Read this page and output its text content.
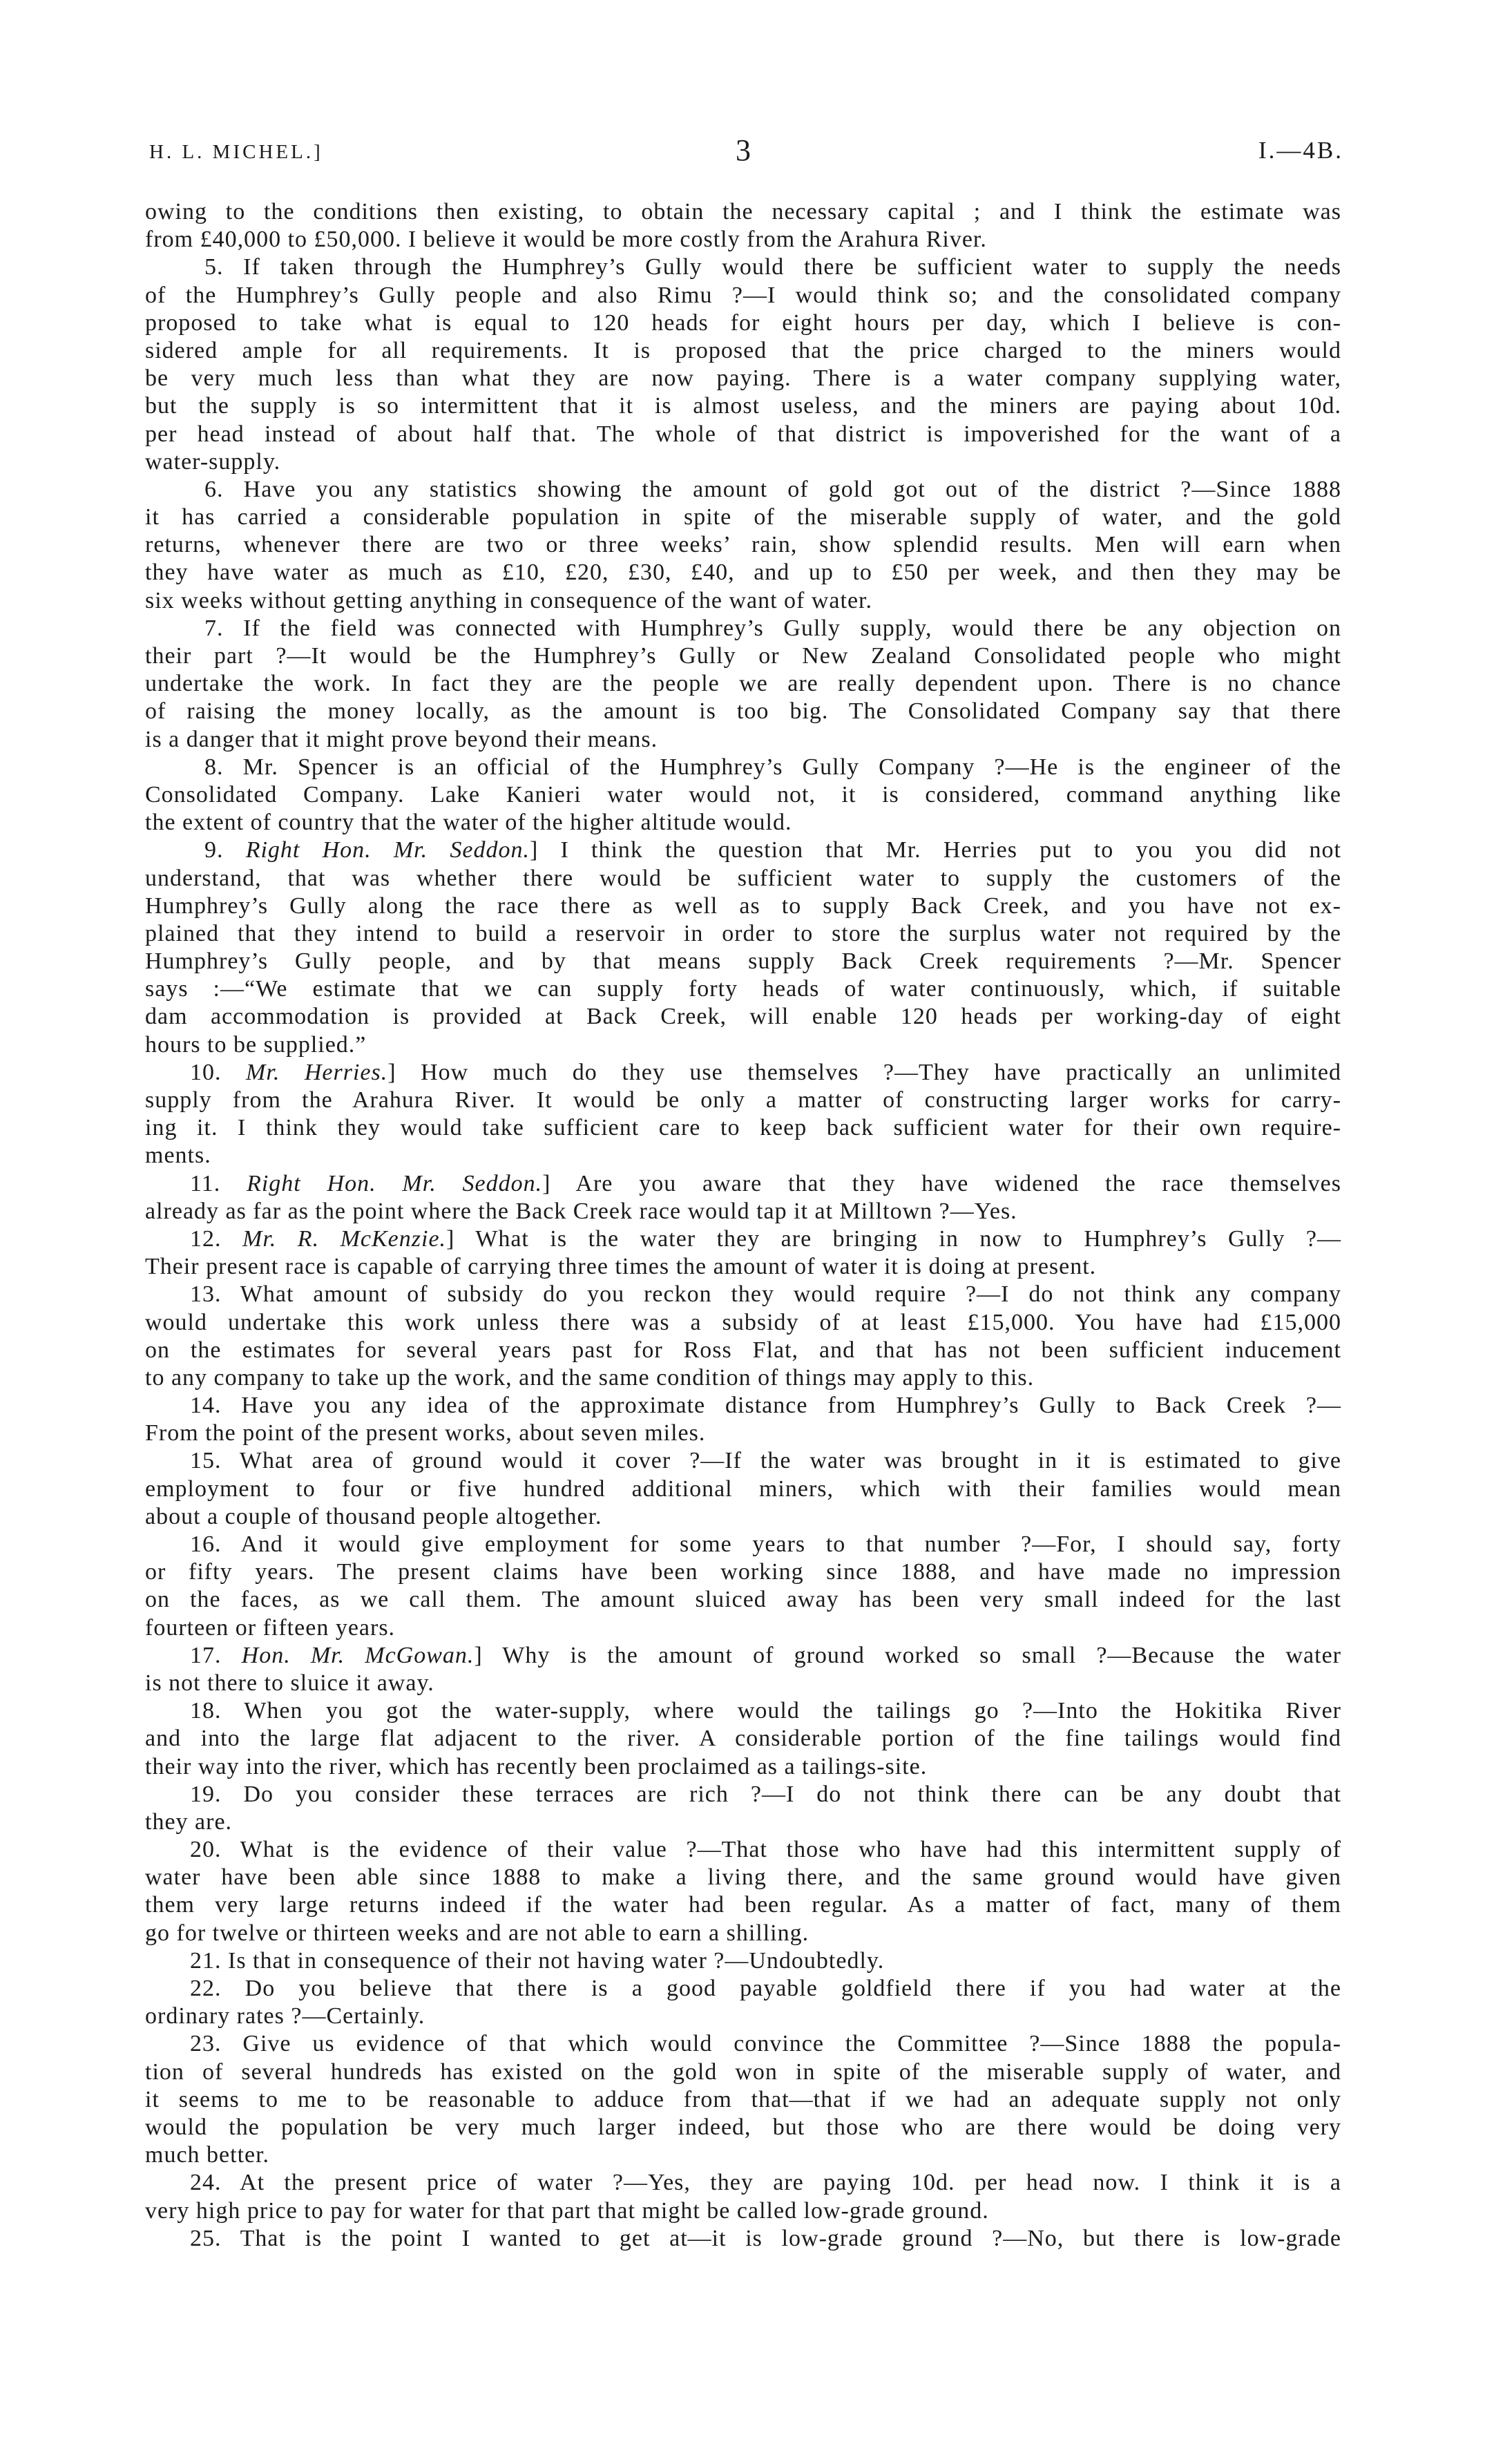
H. L. MICHEL.]	3	I.—4B.
owing to the conditions then existing, to obtain the necessary capital ; and I think the estimate was
from £40,000 to £50,000. I believe it would be more costly from the Arahura River.
5. If taken through the Humphrey’s Gully would there be sufficient water to supply the needs
of the Humphrey’s Gully people and also Rimu ?—I would think so; and the consolidated company
proposed to take what is equal to 120 heads for eight hours per day, which I believe is con-
sidered ample for all requirements. It is proposed that the price charged to the miners would
be very much less than what they are now paying. There is a water company supplying water,
but the supply is so intermittent that it is almost useless, and the miners are paying about 10d.
per head instead of about half that. The whole of that district is impoverished for the want of a
water-supply.
6. Have you any statistics showing the amount of gold got out of the district ?—Since 1888
it has carried a considerable population in spite of the miserable supply of water, and the gold
returns, whenever there are two or three weeks’ rain, show splendid results. Men will earn when
they have water as much as £10, £20, £30, £40, and up to £50 per week, and then they may be
six weeks without getting anything in consequence of the want of water.
7. If the field was connected with Humphrey’s Gully supply, would there be any objection on
their part ?—It would be the Humphrey’s Gully or New Zealand Consolidated people who might
undertake the work. In fact they are the people we are really dependent upon. There is no chance
of raising the money locally, as the amount is too big. The Consolidated Company say that there
is a danger that it might prove beyond their means.
8. Mr. Spencer is an official of the Humphrey’s Gully Company ?—He is the engineer of the
Consolidated Company. Lake Kanieri water would not, it is considered, command anything like
the extent of country that the water of the higher altitude would.
9. Right Hon. Mr. Seddon.] I think the question that Mr. Herries put to you you did not
understand, that was whether there would be sufficient water to supply the customers of the
Humphrey’s Gully along the race there as well as to supply Back Creek, and you have not ex-
plained that they intend to build a reservoir in order to store the surplus water not required by the
Humphrey’s Gully people, and by that means supply Back Creek requirements ?—Mr. Spencer
says :—“We estimate that we can supply forty heads of water continuously, which, if suitable
dam accommodation is provided at Back Creek, will enable 120 heads per working-day of eight
hours to be supplied.”
10. Mr. Herries.] How much do they use themselves ?—They have practically an unlimited
supply from the Arahura River. It would be only a matter of constructing larger works for carry-
ing it. I think they would take sufficient care to keep back sufficient water for their own require-
ments.
11. Right Hon. Mr. Seddon.] Are you aware that they have widened the race themselves
already as far as the point where the Back Creek race would tap it at Milltown ?—Yes.
12. Mr. R. McKenzie.] What is the water they are bringing in now to Humphrey’s Gully ?—
Their present race is capable of carrying three times the amount of water it is doing at present.
13. What amount of subsidy do you reckon they would require ?—I do not think any company
would undertake this work unless there was a subsidy of at least £15,000. You have had £15,000
on the estimates for several years past for Ross Flat, and that has not been sufficient inducement
to any company to take up the work, and the same condition of things may apply to this.
14. Have you any idea of the approximate distance from Humphrey’s Gully to Back Creek ?—
From the point of the present works, about seven miles.
15. What area of ground would it cover ?—If the water was brought in it is estimated to give
employment to four or five hundred additional miners, which with their families would mean
about a couple of thousand people altogether.
16. And it would give employment for some years to that number ?—For, I should say, forty
or fifty years. The present claims have been working since 1888, and have made no impression
on the faces, as we call them. The amount sluiced away has been very small indeed for the last
fourteen or fifteen years.
17. Hon. Mr. McGowan.] Why is the amount of ground worked so small ?—Because the water
is not there to sluice it away.
18. When you got the water-supply, where would the tailings go ?—Into the Hokitika River
and into the large flat adjacent to the river. A considerable portion of the fine tailings would find
their way into the river, which has recently been proclaimed as a tailings-site.
19. Do you consider these terraces are rich ?—I do not think there can be any doubt that
they are.
20. What is the evidence of their value ?—That those who have had this intermittent supply of
water have been able since 1888 to make a living there, and the same ground would have given
them very large returns indeed if the water had been regular. As a matter of fact, many of them
go for twelve or thirteen weeks and are not able to earn a shilling.
21. Is that in consequence of their not having water ?—Undoubtedly.
22. Do you believe that there is a good payable goldfield there if you had water at the
ordinary rates ?—Certainly.
23. Give us evidence of that which would convince the Committee ?—Since 1888 the popula-
tion of several hundreds has existed on the gold won in spite of the miserable supply of water, and
it seems to me to be reasonable to adduce from that—that if we had an adequate supply not only
would the population be very much larger indeed, but those who are there would be doing very
much better.
24. At the present price of water ?—Yes, they are paying 10d. per head now. I think it is a
very high price to pay for water for that part that might be called low-grade ground.
25. That is the point I wanted to get at—it is low-grade ground ?—No, but there is low-grade
